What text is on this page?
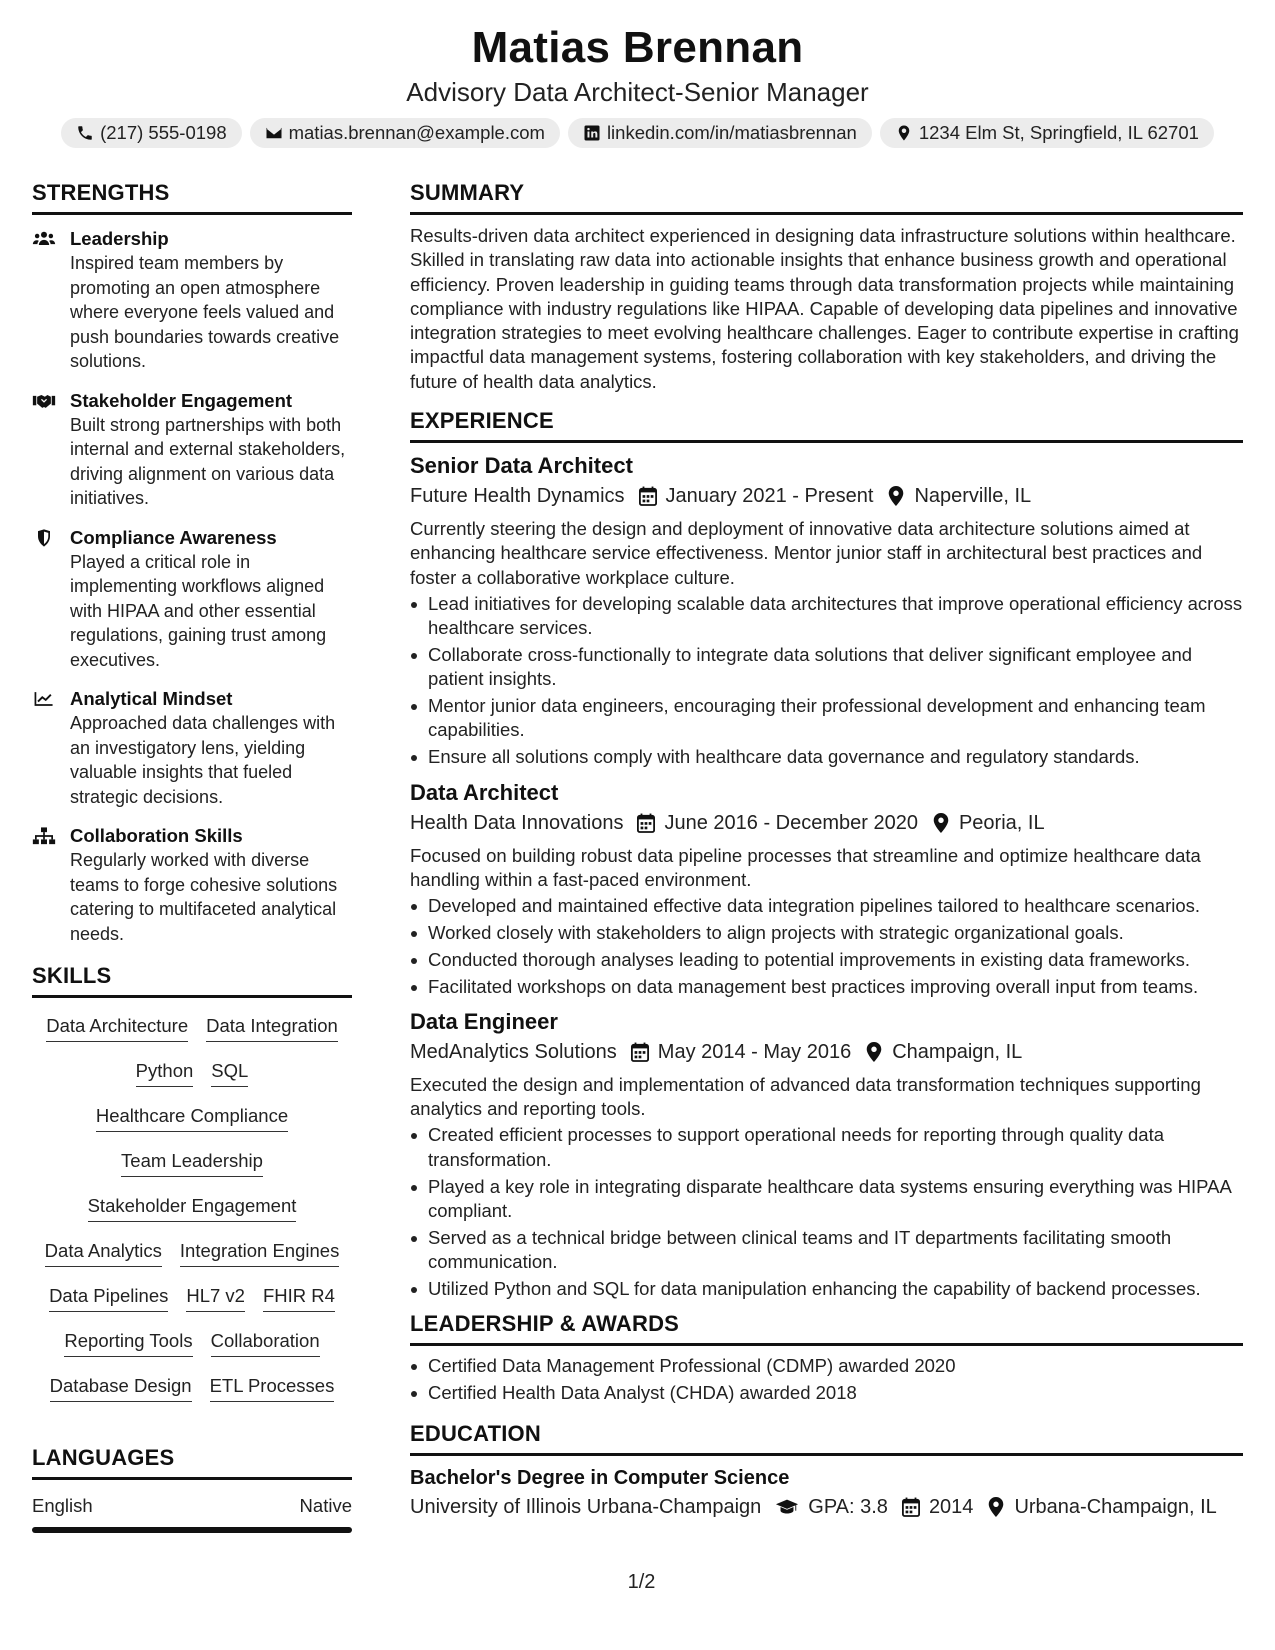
Matias Brennan
Advisory Data Architect-Senior Manager
(217) 555-0198	matias.brennan@example.com	linkedin.com/in/matiasbrennan	1234 Elm St, Springfield, IL 62701
STRENGTHS
Leadership
Inspired team members by promoting an open atmosphere where everyone feels valued and push boundaries towards creative solutions.
Stakeholder Engagement
Built strong partnerships with both internal and external stakeholders, driving alignment on various data initiatives.
Compliance Awareness
Played a critical role in implementing workflows aligned with HIPAA and other essential regulations, gaining trust among executives.
Analytical Mindset
Approached data challenges with an investigatory lens, yielding valuable insights that fueled strategic decisions.
Collaboration Skills
Regularly worked with diverse teams to forge cohesive solutions catering to multifaceted analytical needs.
SKILLS
Data Architecture Data Integration
Python SQL
Healthcare Compliance
Team Leadership
Stakeholder Engagement
Data Analytics Integration Engines
Data Pipelines HL7 v2 FHIR R4
Reporting Tools Collaboration
Database Design ETL Processes
LANGUAGES
English	Native
SUMMARY
Results-driven data architect experienced in designing data infrastructure solutions within healthcare. Skilled in translating raw data into actionable insights that enhance business growth and operational efficiency. Proven leadership in guiding teams through data transformation projects while maintaining compliance with industry regulations like HIPAA. Capable of developing data pipelines and innovative integration strategies to meet evolving healthcare challenges. Eager to contribute expertise in crafting impactful data management systems, fostering collaboration with key stakeholders, and driving the future of health data analytics.
EXPERIENCE
Senior Data Architect
Future Health Dynamics January 2021 - Present Naperville, IL
Currently steering the design and deployment of innovative data architecture solutions aimed at enhancing healthcare service effectiveness. Mentor junior staff in architectural best practices and foster a collaborative workplace culture.
Lead initiatives for developing scalable data architectures that improve operational efficiency across healthcare services.
Collaborate cross-functionally to integrate data solutions that deliver significant employee and patient insights.
Mentor junior data engineers, encouraging their professional development and enhancing team capabilities.
Ensure all solutions comply with healthcare data governance and regulatory standards.
Data Architect
Health Data Innovations June 2016 - December 2020 Peoria, IL
Focused on building robust data pipeline processes that streamline and optimize healthcare data handling within a fast-paced environment.
Developed and maintained effective data integration pipelines tailored to healthcare scenarios.
Worked closely with stakeholders to align projects with strategic organizational goals.
Conducted thorough analyses leading to potential improvements in existing data frameworks.
Facilitated workshops on data management best practices improving overall input from teams.
Data Engineer
MedAnalytics Solutions May 2014 - May 2016 Champaign, IL
Executed the design and implementation of advanced data transformation techniques supporting analytics and reporting tools.
Created efficient processes to support operational needs for reporting through quality data transformation.
Played a key role in integrating disparate healthcare data systems ensuring everything was HIPAA compliant.
Served as a technical bridge between clinical teams and IT departments facilitating smooth communication.
Utilized Python and SQL for data manipulation enhancing the capability of backend processes.
LEADERSHIP & AWARDS
Certified Data Management Professional (CDMP) awarded 2020
Certified Health Data Analyst (CHDA) awarded 2018
EDUCATION
Bachelor's Degree in Computer Science
University of Illinois Urbana-Champaign GPA: 3.8 2014 Urbana-Champaign, IL
1/2
